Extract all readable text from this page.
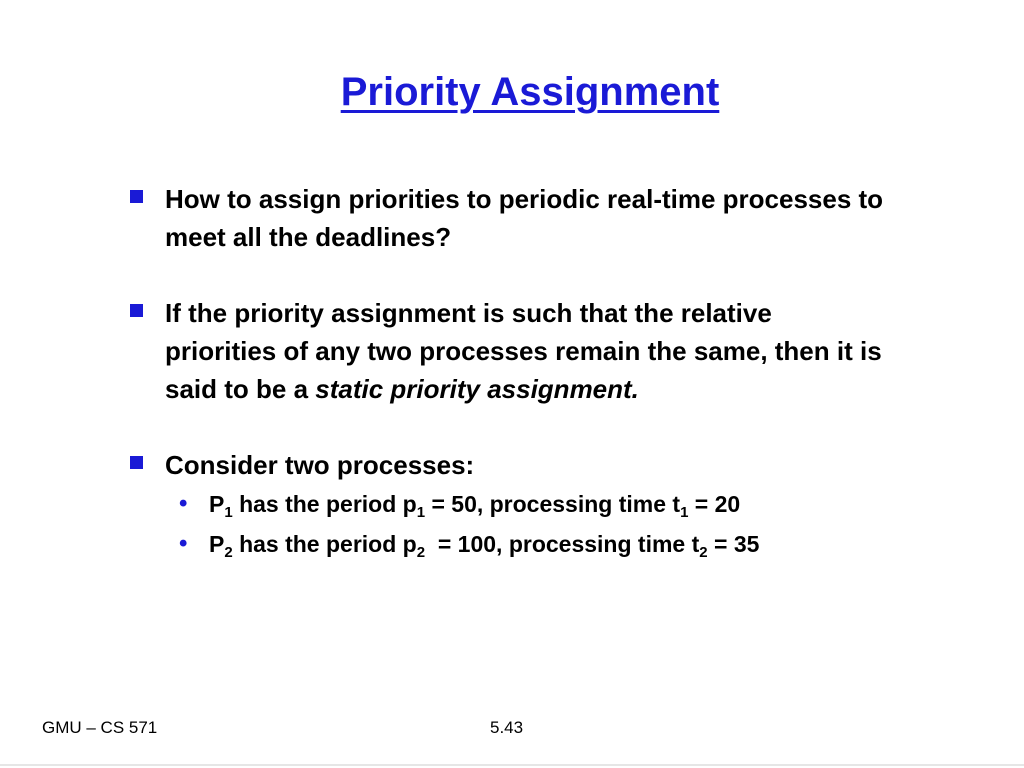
Priority Assignment
How to assign priorities to periodic real-time processes to meet all the deadlines?
If the priority assignment is such that the relative priorities of any two processes remain the same, then it is said to be a static priority assignment.
Consider two processes:
• $P_1$ has the period $p_1 = 50$, processing time $t_1 = 20$
• $P_2$ has the period $p_2 = 100$, processing time $t_2 = 35$
GMU – CS 571	5.43
